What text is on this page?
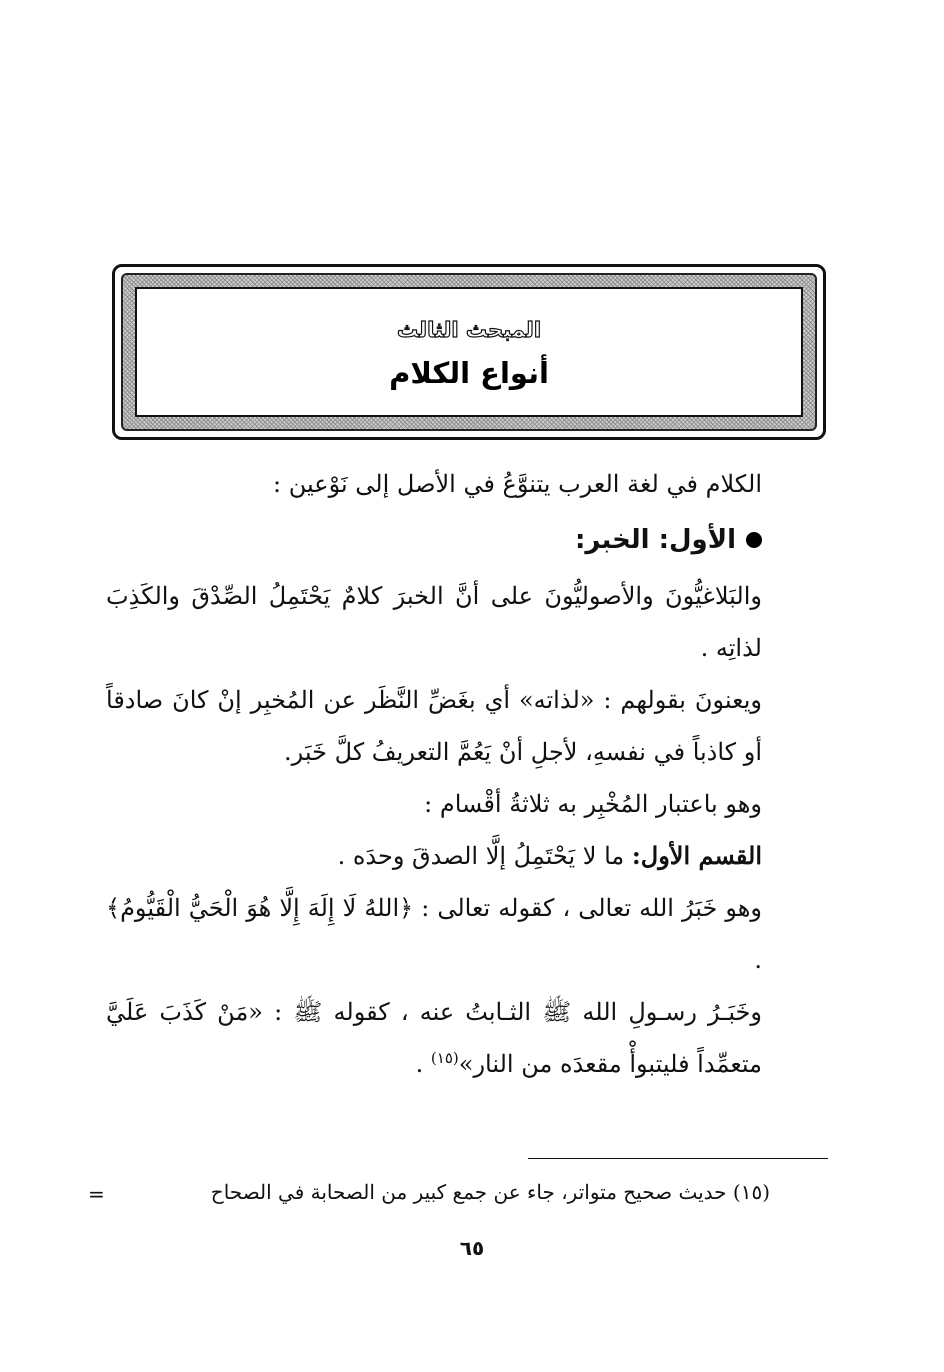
المبحث الثالث
أنواع الكلام

الكلام في لغة العرب يتنوَّعُ في الأصل إلى نَوْعين :

الأول: الخبر:

والبَلاغيُّونَ والأصوليُّونَ على أنَّ الخبرَ كلامٌ يَحْتَمِلُ الصِّدْقَ والكَذِبَ لذاتِه .

ويعنونَ بقولهم : «لذاته» أي بغَضِّ النَّظَر عن المُخبِر إنْ كانَ صادقاً أو كاذباً في نفسهِ، لأجلِ أنْ يَعُمَّ التعريفُ كلَّ خَبَر.

وهو باعتبار المُخْبِر به ثلاثةُ أقْسام :

القسم الأول: ما لا يَحْتَمِلُ إلَّا الصدقَ وحدَه .

وهو خَبَرُ الله تعالى ، كقوله تعالى : ﴿اللهُ لَا إِلَهَ إِلَّا هُوَ الْحَيُّ الْقَيُّومُ﴾ .

وخَبَـرُ رسـولِ الله ﷺ الثـابتُ عنه ، كقوله ﷺ : «مَنْ كَذَبَ عَلَيَّ متعمِّداً فليتبوأْ مقعدَه من النار»$^{(١٥)}$ .

(١٥) حديث صحيح متواتر، جاء عن جمع كبير من الصحابة في الصحاح
=
٦٥
